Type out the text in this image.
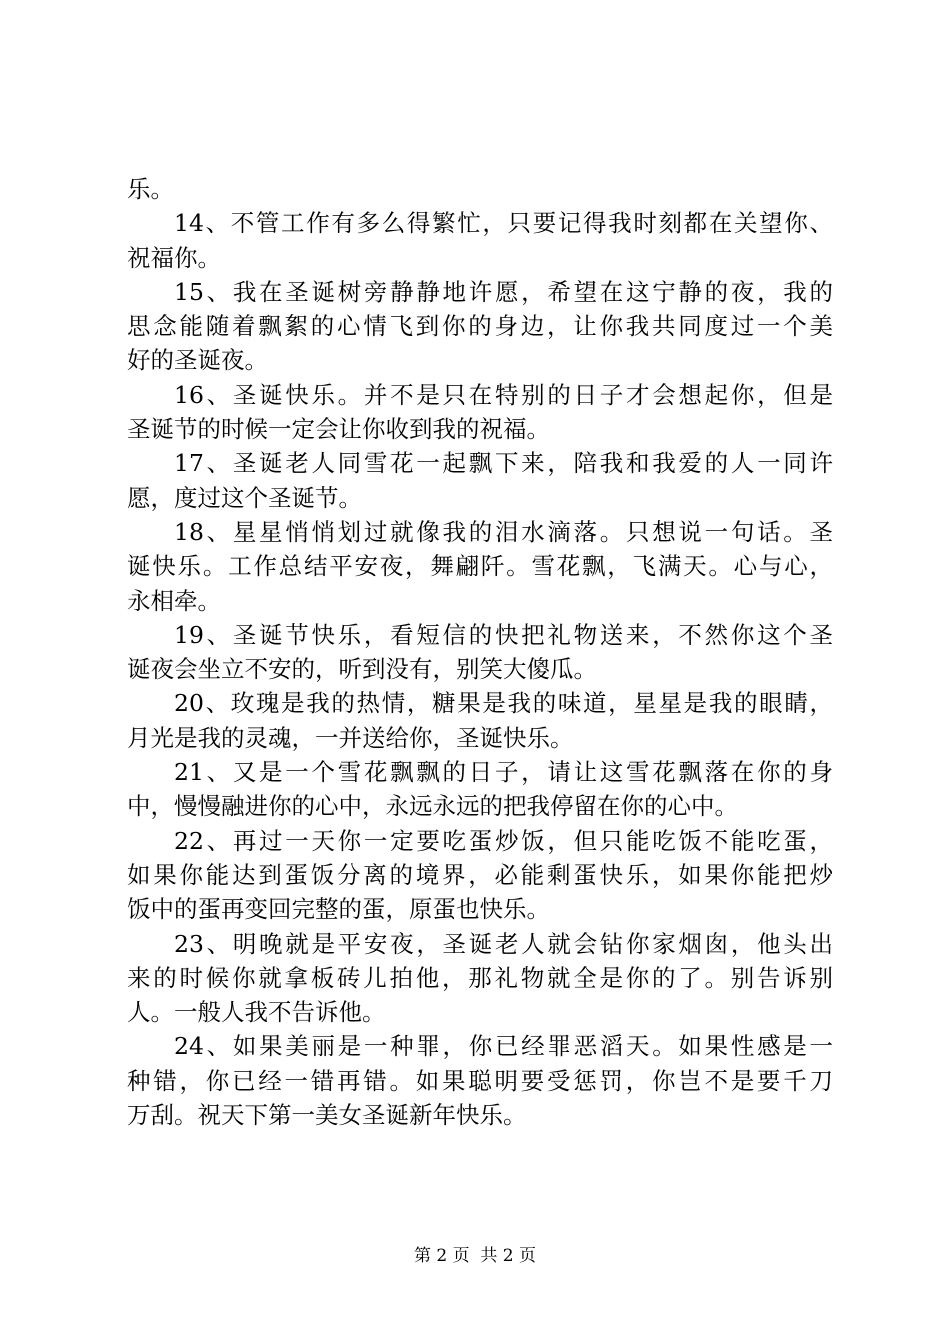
乐。
14、不管工作有多么得繁忙，只要记得我时刻都在关望你、
祝福你。
15、我在圣诞树旁静静地许愿，希望在这宁静的夜，我的
思念能随着飘絮的心情飞到你的身边，让你我共同度过一个美
好的圣诞夜。
16、圣诞快乐。并不是只在特别的日子才会想起你，但是
圣诞节的时候一定会让你收到我的祝福。
17、圣诞老人同雪花一起飘下来，陪我和我爱的人一同许
愿，度过这个圣诞节。
18、星星悄悄划过就像我的泪水滴落。只想说一句话。圣
诞快乐。工作总结平安夜，舞翩阡。雪花飘，飞满天。心与心，
永相牵。
19、圣诞节快乐，看短信的快把礼物送来，不然你这个圣
诞夜会坐立不安的，听到没有，别笑大傻瓜。
20、玫瑰是我的热情，糖果是我的味道，星星是我的眼睛，
月光是我的灵魂，一并送给你，圣诞快乐。
21、又是一个雪花飘飘的日子，请让这雪花飘落在你的身
中，慢慢融进你的心中，永远永远的把我停留在你的心中。
22、再过一天你一定要吃蛋炒饭，但只能吃饭不能吃蛋，
如果你能达到蛋饭分离的境界，必能剩蛋快乐，如果你能把炒
饭中的蛋再变回完整的蛋，原蛋也快乐。
23、明晚就是平安夜，圣诞老人就会钻你家烟囱，他头出
来的时候你就拿板砖儿拍他，那礼物就全是你的了。别告诉别
人。一般人我不告诉他。
24、如果美丽是一种罪，你已经罪恶滔天。如果性感是一
种错，你已经一错再错。如果聪明要受惩罚，你岂不是要千刀
万刮。祝天下第一美女圣诞新年快乐。
第 2 页  共 2 页
